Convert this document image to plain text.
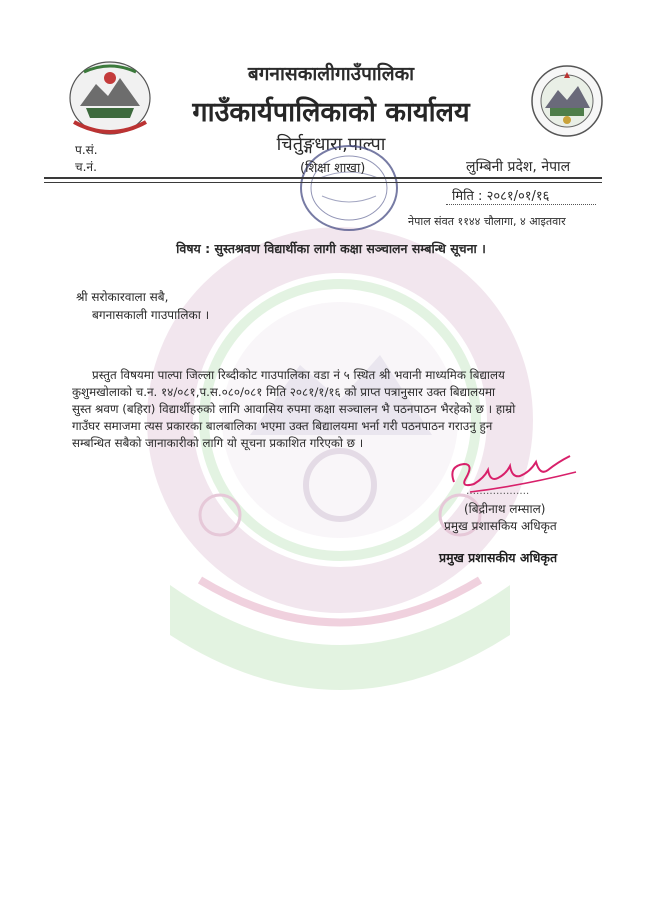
बगनासकालीगाउँपालिका
गाउँकार्यपालिकाको कार्यालय
चिर्तुङ्गधारा,पाल्पा
(शिक्षा शाखा)
प.सं.
च.नं.	लुम्बिनी प्रदेश, नेपाल
मिति : २०८१/०१/१६
नेपाल संवत ११४४ चौलागा, ४ आइतवार
विषय : सुस्तश्रवण विद्यार्थीका लागी कक्षा सञ्चालन सम्बन्धि सूचना ।
श्री सरोकारवाला सबै,
बगनासकाली गाउपालिका ।
प्रस्तुत विषयमा पाल्पा जिल्ला रिब्दीकोट गाउपालिका वडा नं ५ स्थित श्री भवानी माध्यमिक बिद्यालय
कुशुमखोलाको च.न. १४/०८१,प.स.०८०/०८१ मिति २०८१/१/१६ को प्राप्त पत्रानुसार उक्त बिद्यालयमा
सुस्त श्रवण (बहिरा) विद्यार्थीहरुको लागि आवासिय रुपमा कक्षा सञ्चालन भै पठनपाठन भैरहेको छ । हाम्रो
गाउँघर समाजमा त्यस प्रकारका बालबालिका भएमा उक्त बिद्यालयमा भर्ना गरी पठनपाठन गराउनु हुन
सम्बन्धित सबैको जानाकारीको लागि यो सूचना प्रकाशित गरिएको छ ।
……………….
(बिद्रीनाथ लम्साल)
प्रमुख प्रशासकिय अधिकृत
प्रमुख प्रशासकीय अधिकृत
